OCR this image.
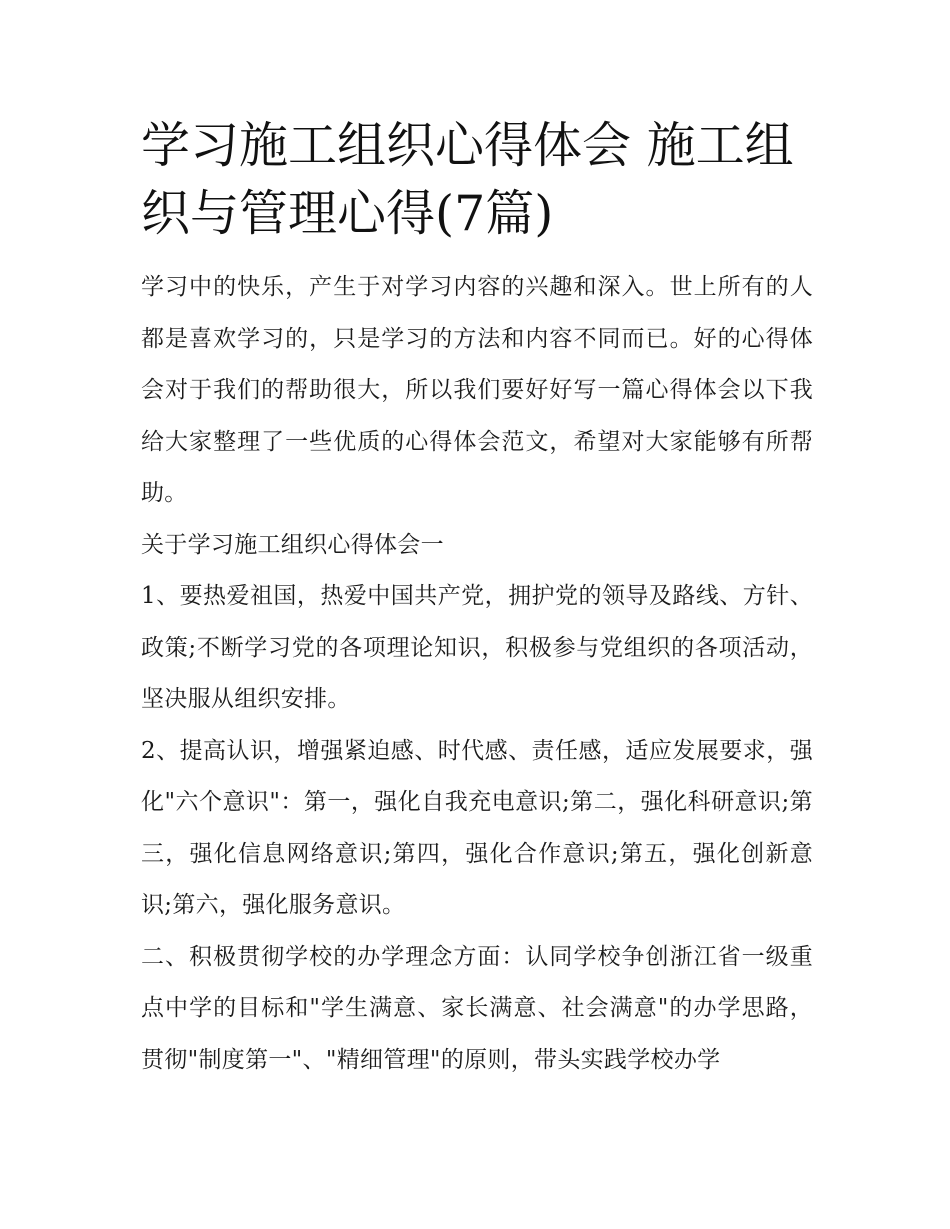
学习施工组织心得体会 施工组织与管理心得(7篇)

学习中的快乐，产生于对学习内容的兴趣和深入。世上所有的人都是喜欢学习的，只是学习的方法和内容不同而已。好的心得体会对于我们的帮助很大，所以我们要好好写一篇心得体会以下我给大家整理了一些优质的心得体会范文，希望对大家能够有所帮助。

关于学习施工组织心得体会一

1、要热爱祖国，热爱中国共产党，拥护党的领导及路线、方针、政策;不断学习党的各项理论知识，积极参与党组织的各项活动，坚决服从组织安排。

2、提高认识，增强紧迫感、时代感、责任感，适应发展要求，强化"六个意识"：第一，强化自我充电意识;第二，强化科研意识;第三，强化信息网络意识;第四，强化合作意识;第五，强化创新意识;第六，强化服务意识。

二、积极贯彻学校的办学理念方面：认同学校争创浙江省一级重点中学的目标和"学生满意、家长满意、社会满意"的办学思路，贯彻"制度第一"、"精细管理"的原则，带头实践学校办学
